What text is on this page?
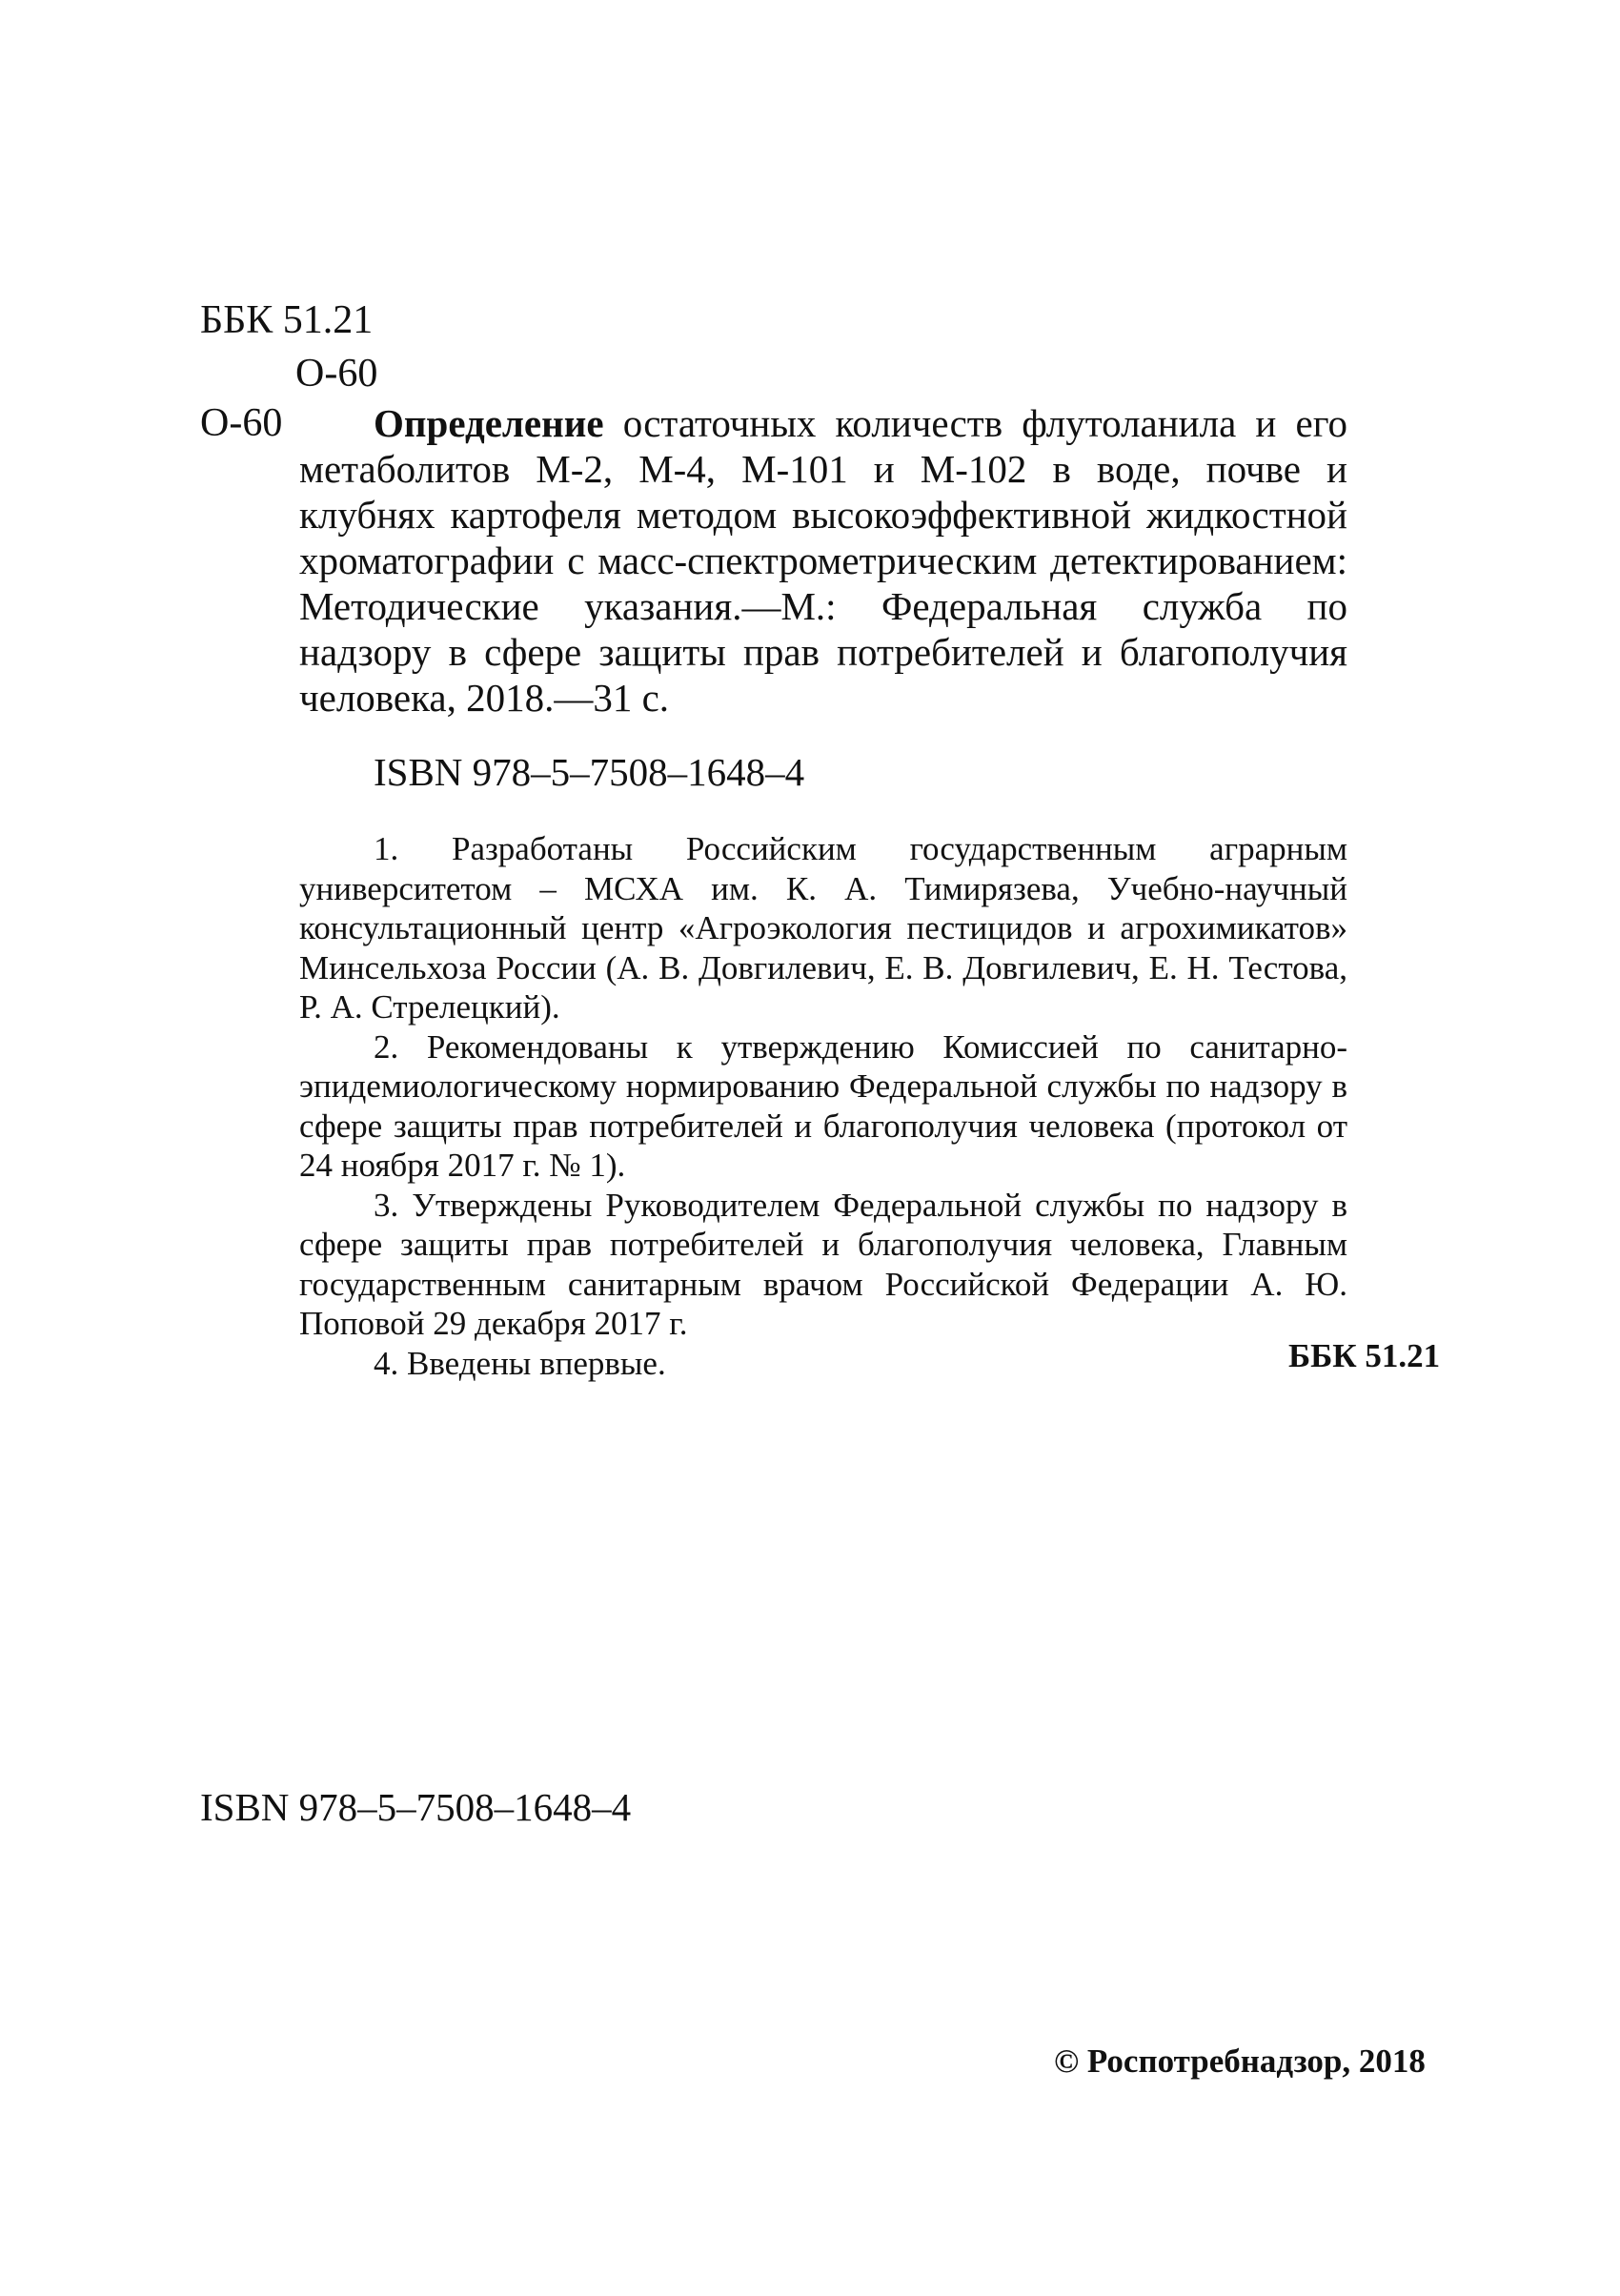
ББК 51.21
О-60
О-60	Определение остаточных количеств флутоланила и его метаболитов М-2, М-4, М-101 и М-102 в воде, почве и клубнях картофеля методом высокоэффективной жидкостной хроматографии с масс-спектрометрическим детектированием: Методические указания.—М.: Федеральная служба по надзору в сфере защиты прав потребителей и благополучия человека, 2018.—31 с.

ISBN 978–5–7508–1648–4

1. Разработаны Российским государственным аграрным университетом – МСХА им. К. А. Тимирязева, Учебно-научный консультационный центр «Агроэкология пестицидов и агрохимикатов» Минсельхоза России (А. В. Довгилевич, Е. В. Довгилевич, Е. Н. Тестова, Р. А. Стрелецкий).

2. Рекомендованы к утверждению Комиссией по санитарно-эпидемиологическому нормированию Федеральной службы по надзору в сфере защиты прав потребителей и благополучия человека (протокол от 24 ноября 2017 г. № 1).

3. Утверждены Руководителем Федеральной службы по надзору в сфере защиты прав потребителей и благополучия человека, Главным государственным санитарным врачом Российской Федерации А. Ю. Поповой 29 декабря 2017 г.

4. Введены впервые.	ББК 51.21
ISBN 978–5–7508–1648–4
© Роспотребнадзор, 2018
